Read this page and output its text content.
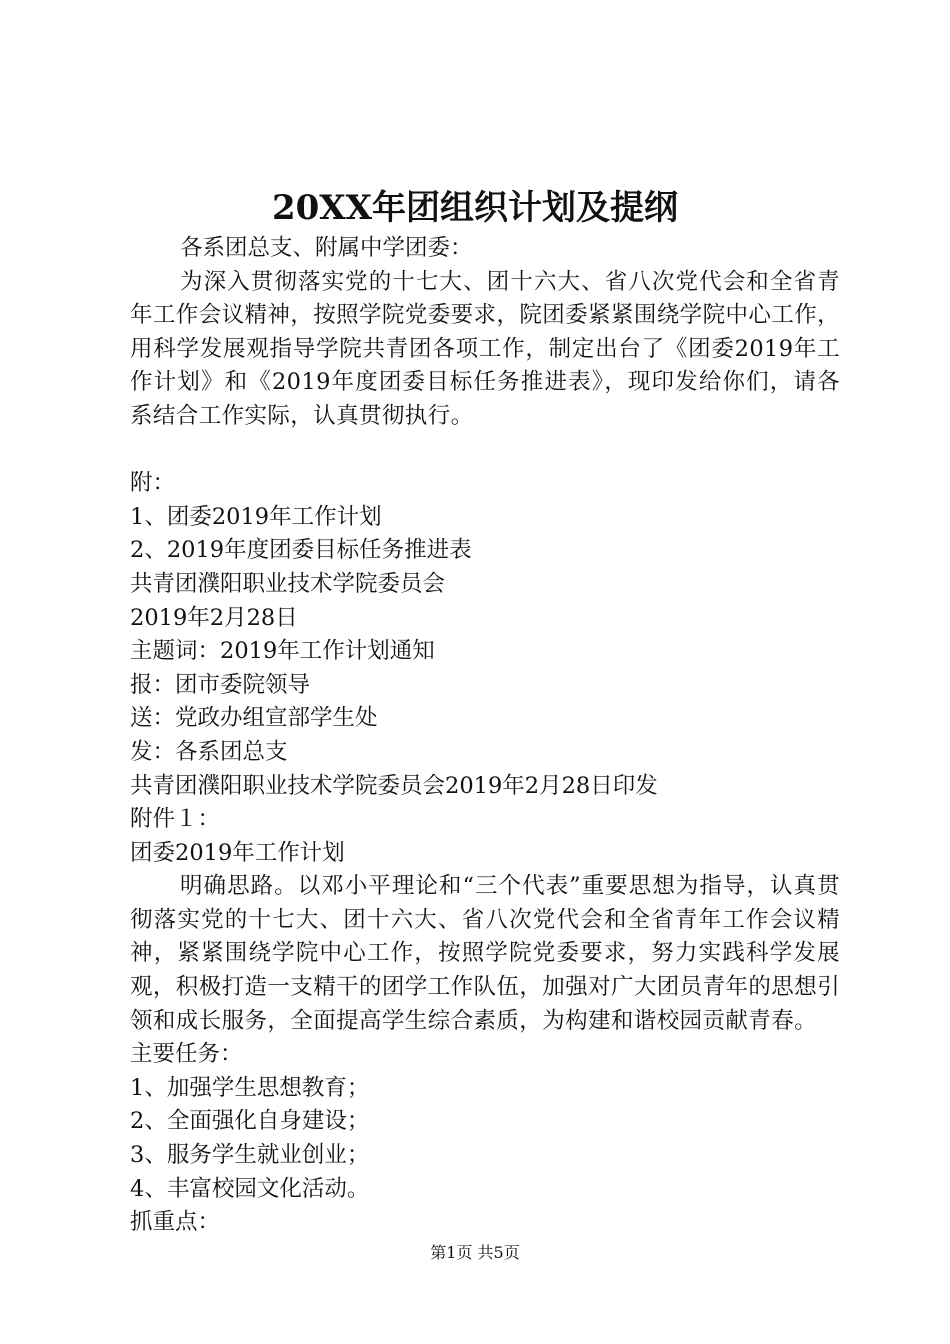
20XX年团组织计划及提纲

各系团总支、附属中学团委：

为深入贯彻落实党的十七大、团十六大、省八次党代会和全省青年工作会议精神，按照学院党委要求，院团委紧紧围绕学院中心工作，用科学发展观指导学院共青团各项工作，制定出台了《团委2019年工作计划》和《2019年度团委目标任务推进表》，现印发给你们，请各系结合工作实际，认真贯彻执行。

附：

1、团委2019年工作计划

2、2019年度团委目标任务推进表

共青团濮阳职业技术学院委员会

2019年2月28日

主题词：2019年工作计划通知

报：团市委院领导

送：党政办组宣部学生处

发：各系团总支

共青团濮阳职业技术学院委员会2019年2月28日印发

附件１：

团委2019年工作计划

明确思路。以邓小平理论和“三个代表”重要思想为指导，认真贯彻落实党的十七大、团十六大、省八次党代会和全省青年工作会议精神，紧紧围绕学院中心工作，按照学院党委要求，努力实践科学发展观，积极打造一支精干的团学工作队伍，加强对广大团员青年的思想引领和成长服务，全面提高学生综合素质，为构建和谐校园贡献青春。

主要任务：

1、加强学生思想教育；

2、全面强化自身建设；

3、服务学生就业创业；

4、丰富校园文化活动。

抓重点：

第1页 共5页
